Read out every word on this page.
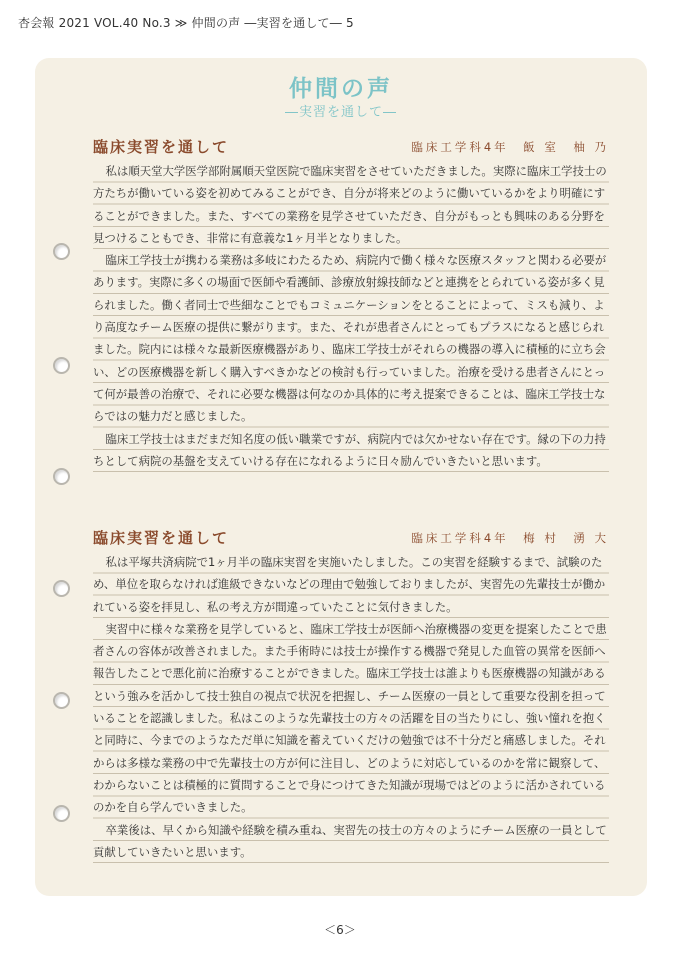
杏会報 2021 VOL.40 No.3 ≫ 仲間の声 ―実習を通して― 5
仲間の声
―実習を通して―
臨床実習を通して	臨床工学科4年　飯 室　柚 乃

私は順天堂大学医学部附属順天堂医院で臨床実習をさせていただきました。実際に臨床工学技士の方たちが働いている姿を初めてみることができ、自分が将来どのように働いているかをより明確にすることができました。また、すべての業務を見学させていただき、自分がもっとも興味のある分野を見つけることもでき、非常に有意義な1ヶ月半となりました。

臨床工学技士が携わる業務は多岐にわたるため、病院内で働く様々な医療スタッフと関わる必要があります。実際に多くの場面で医師や看護師、診療放射線技師などと連携をとられている姿が多く見られました。働く者同士で些細なことでもコミュニケーションをとることによって、ミスも減り、より高度なチーム医療の提供に繋がります。また、それが患者さんにとってもプラスになると感じられました。院内には様々な最新医療機器があり、臨床工学技士がそれらの機器の導入に積極的に立ち会い、どの医療機器を新しく購入すべきかなどの検討も行っていました。治療を受ける患者さんにとって何が最善の治療で、それに必要な機器は何なのか具体的に考え提案できることは、臨床工学技士ならではの魅力だと感じました。

臨床工学技士はまだまだ知名度の低い職業ですが、病院内では欠かせない存在です。縁の下の力持ちとして病院の基盤を支えていける存在になれるように日々励んでいきたいと思います。

臨床実習を通して	臨床工学科4年　梅 村　湧 大

私は平塚共済病院で1ヶ月半の臨床実習を実施いたしました。この実習を経験するまで、試験のため、単位を取らなければ進級できないなどの理由で勉強しておりましたが、実習先の先輩技士が働かれている姿を拝見し、私の考え方が間違っていたことに気付きました。

実習中に様々な業務を見学していると、臨床工学技士が医師へ治療機器の変更を提案したことで患者さんの容体が改善されました。また手術時には技士が操作する機器で発見した血管の異常を医師へ報告したことで悪化前に治療することができました。臨床工学技士は誰よりも医療機器の知識があるという強みを活かして技士独自の視点で状況を把握し、チーム医療の一員として重要な役割を担っていることを認識しました。私はこのような先輩技士の方々の活躍を目の当たりにし、強い憧れを抱くと同時に、今までのようなただ単に知識を蓄えていくだけの勉強では不十分だと痛感しました。それからは多様な業務の中で先輩技士の方が何に注目し、どのように対応しているのかを常に観察して、わからないことは積極的に質問することで身につけてきた知識が現場ではどのように活かされているのかを自ら学んでいきました。

卒業後は、早くから知識や経験を積み重ね、実習先の技士の方々のようにチーム医療の一員として貢献していきたいと思います。

＜6＞
